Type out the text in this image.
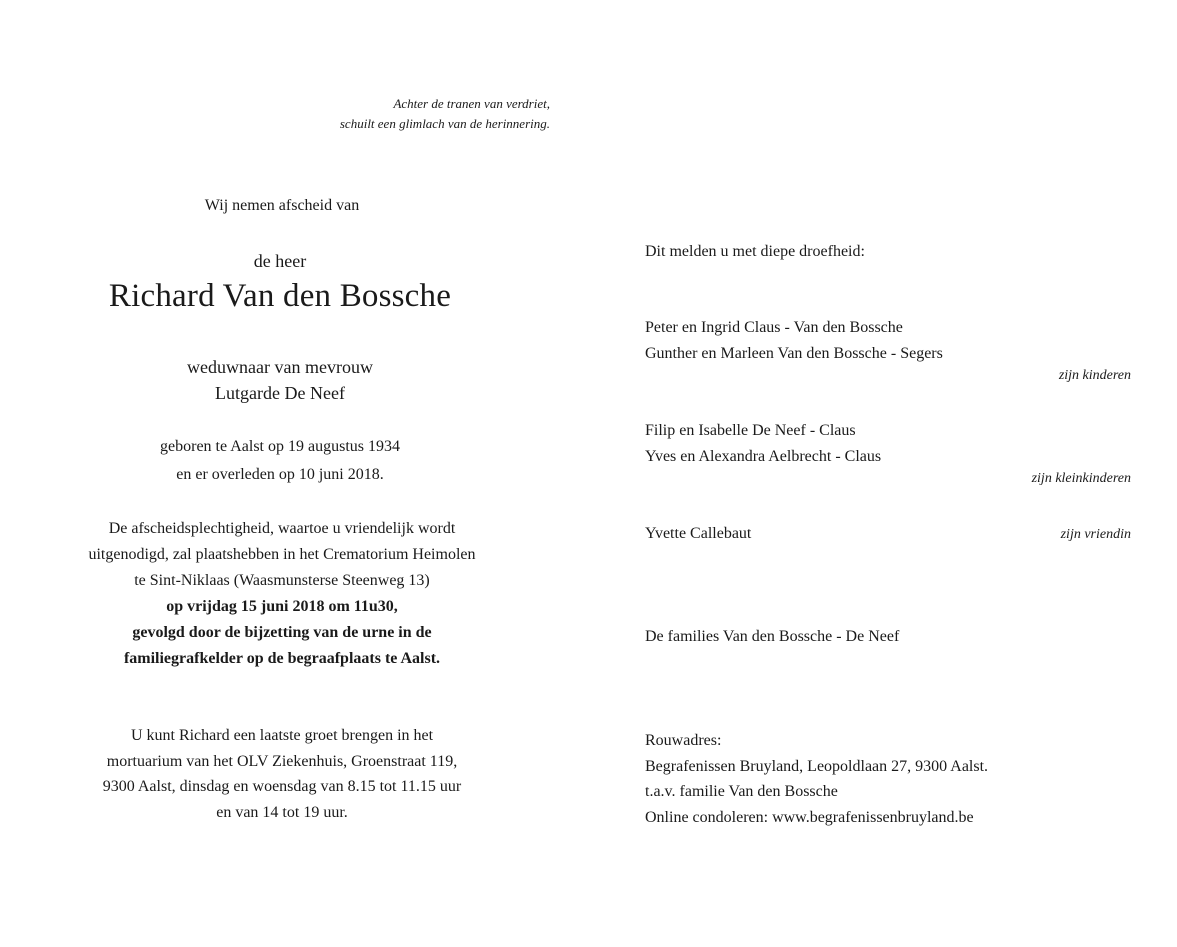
Achter de tranen van verdriet,
schuilt een glimlach van de herinnering.
Wij nemen afscheid van
de heer
Richard Van den Bossche
weduwnaar van mevrouw
Lutgarde De Neef
geboren te Aalst op 19 augustus 1934
en er overleden op 10 juni 2018.
De afscheidsplechtigheid, waartoe u vriendelijk wordt
uitgenodigd, zal plaatshebben in het Crematorium Heimolen
te Sint-Niklaas (Waasmunsterse Steenweg 13)
op vrijdag 15 juni 2018 om 11u30,
gevolgd door de bijzetting van de urne in de
familiegrafkelder op de begraafplaats te Aalst.
U kunt Richard een laatste groet brengen in het
mortuarium van het OLV Ziekenhuis, Groenstraat 119,
9300 Aalst, dinsdag en woensdag van 8.15 tot 11.15 uur
en van 14 tot 19 uur.
Dit melden u met diepe droefheid:
Peter en Ingrid Claus - Van den Bossche
Gunther en Marleen Van den Bossche - Segers
zijn kinderen
Filip en Isabelle De Neef - Claus
Yves en Alexandra Aelbrecht - Claus
zijn kleinkinderen
Yvette Callebaut	zijn vriendin
De families Van den Bossche - De Neef
Rouwadres:
Begrafenissen Bruyland, Leopoldlaan 27, 9300 Aalst.
t.a.v. familie Van den Bossche
Online condoleren: www.begrafenissenbruyland.be
